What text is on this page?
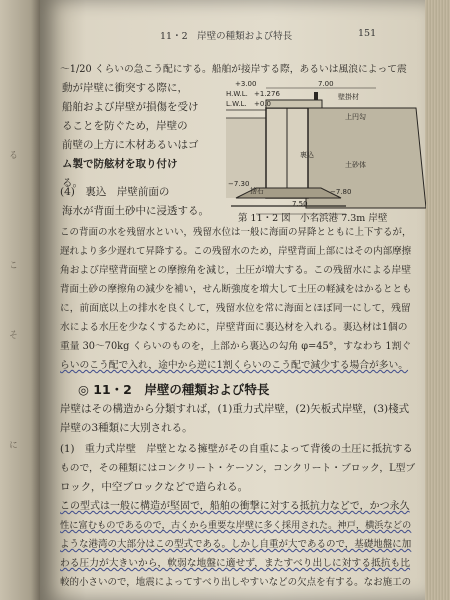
る
こ
そ
に
11・2　岸壁の種類および特長	151
～1/20 くらいの急こう配にする。船舶が接岸する際，あるいは風浪によって震
動が岸壁に衝突する際に，
船舶および岸壁が損傷を受け
ることを防ぐため，岸壁の
前壁の上方に木材あるいはゴ
ム製で防舷材を取り付け
る。
(4)　裏込　岸壁前面の
海水が背面土砂中に浸透する。
この背面の水を残留水といい，残留水位は一般に海面の昇降とともに上下するが，
遅れより多少遅れて昇降する。この残留水のため，岸壁背面上部にはその内部摩擦
角および岸壁背面壁との摩擦角を減じ，土圧が増大する。この残留水による岸壁
背面土砂の摩擦角の減少を補い，せん断強度を増大して土圧の軽減をはかるととも
に，前面底以上の排水を良くして，残留水位を常に海面とほぼ同一にして，残留
水による水圧を少なくするために，岸壁背面に裏込材を入れる。裏込材は1個の
重量 30～70kg くらいのものを，上部から裏込の勾角 φ=45°，すなわち 1割ぐ
らいのこう配で入れ，途中から逆に1割くらいのこう配で減少する場合が多い。
H.W.L.
L.W.L.
+1.276
+0.0
+3.00	7.00
壁掛材
上円勾
−7.30
−7.80
7.50
土砂体
捨石
裏込
第 11・2 図　小名浜港 7.3m 岸壁
◎ 11・2　岸壁の種類および特長
岸壁はその構造から分類すれば，(1)重力式岸壁，(2)矢板式岸壁，(3)棧式
岸壁の3種類に大別される。
(1)　重力式岸壁　岸壁となる擁壁がその自重によって背後の土圧に抵抗する
もので，その種類にはコンクリート・ケーソン，コンクリート・ブロック，L型ブ
ロック，中空ブロックなどで造られる。
この型式は一般に構造が堅固で，船舶の衝撃に対する抵抗力などで，かつ永久
性に富むものであるので，古くから重要な岸壁に多く採用された。神戸，横浜などの
ような港湾の大部分はこの型式である。しかし自重が大であるので，基礎地盤に加
わる圧力が大きいから，軟弱な地盤に適せず，またすべり出しに対する抵抗も比
較的小さいので，地震によってすべり出しやすいなどの欠点を有する。なお施工の
